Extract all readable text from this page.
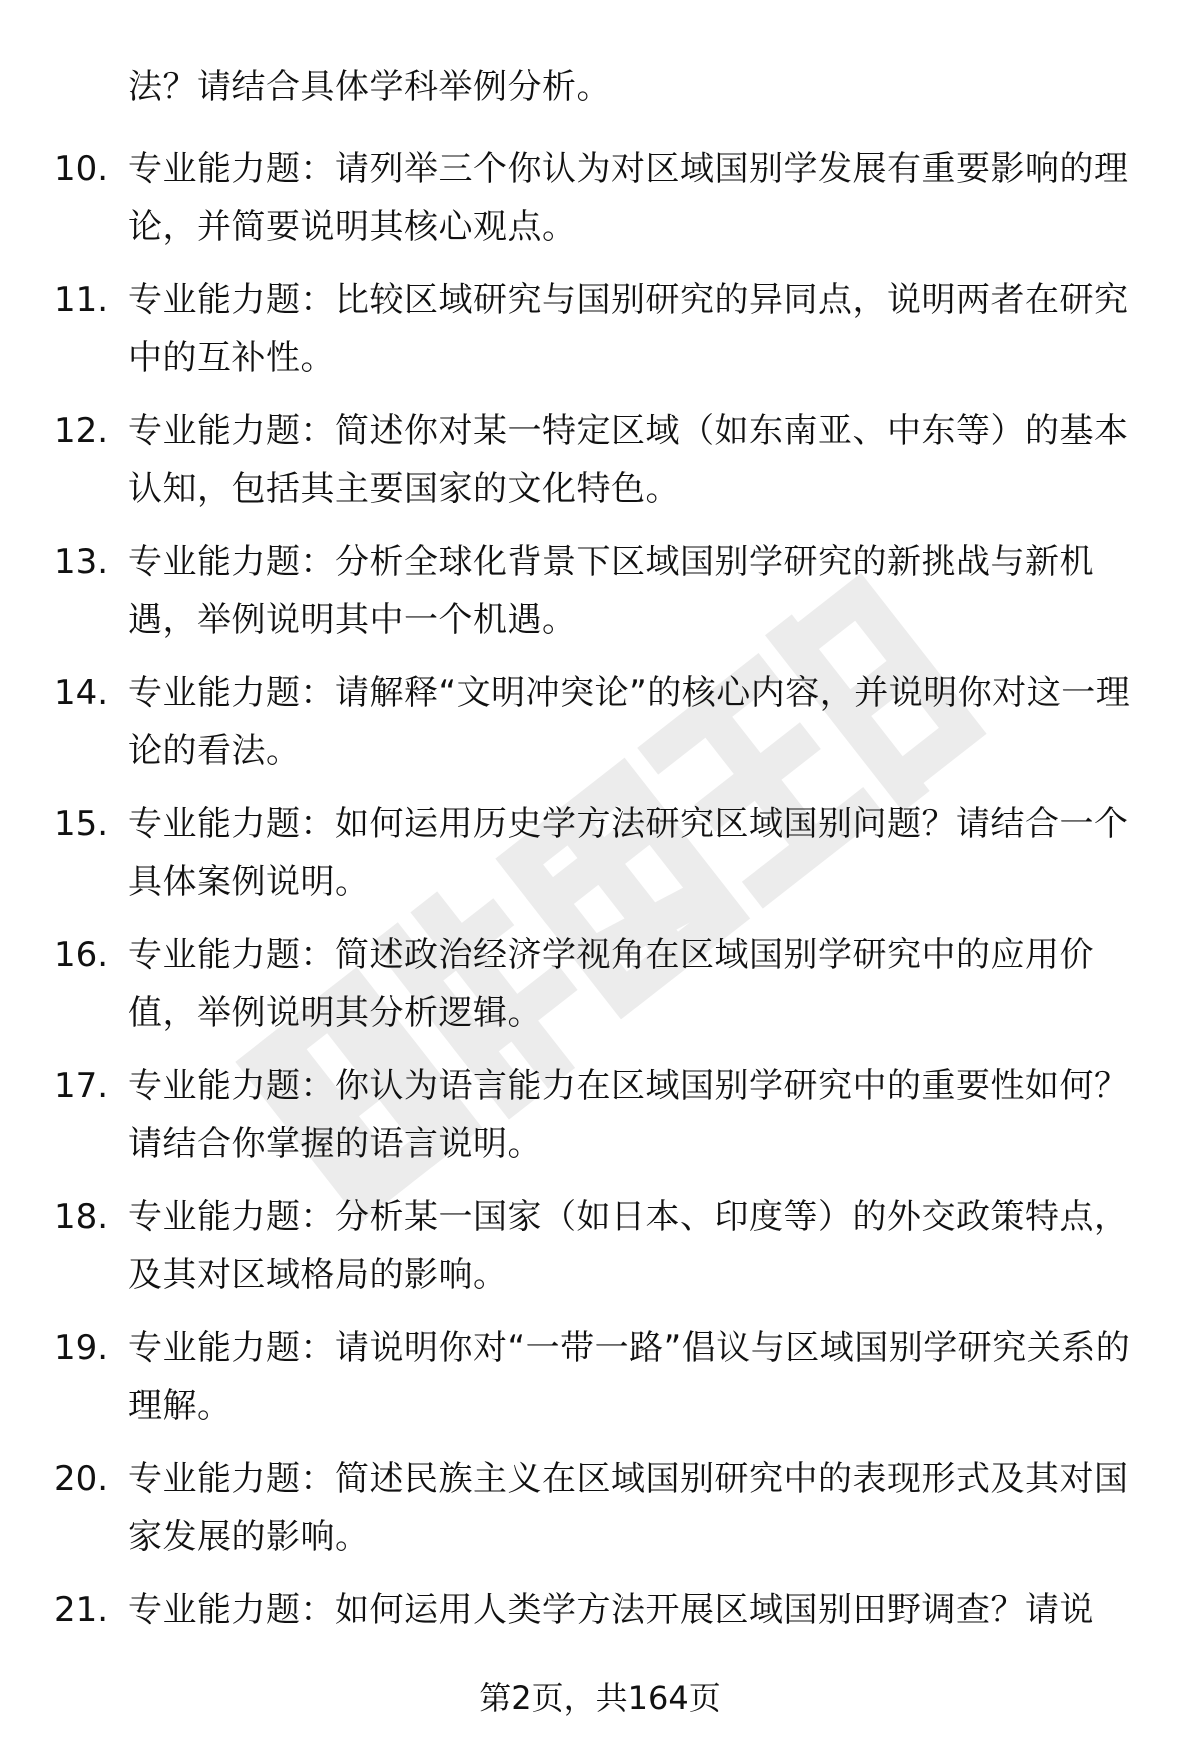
法？请结合具体学科举例分析。

10. 专业能力题：请列举三个你认为对区域国别学发展有重要影响的理论，并简要说明其核心观点。

11. 专业能力题：比较区域研究与国别研究的异同点，说明两者在研究中的互补性。

12. 专业能力题：简述你对某一特定区域（如东南亚、中东等）的基本认知，包括其主要国家的文化特色。

13. 专业能力题：分析全球化背景下区域国别学研究的新挑战与新机遇，举例说明其中一个机遇。

14. 专业能力题：请解释“文明冲突论”的核心内容，并说明你对这一理论的看法。

15. 专业能力题：如何运用历史学方法研究区域国别问题？请结合一个具体案例说明。

16. 专业能力题：简述政治经济学视角在区域国别学研究中的应用价值，举例说明其分析逻辑。

17. 专业能力题：你认为语言能力在区域国别学研究中的重要性如何？请结合你掌握的语言说明。

18. 专业能力题：分析某一国家（如日本、印度等）的外交政策特点，及其对区域格局的影响。

19. 专业能力题：请说明你对“一带一路”倡议与区域国别学研究关系的理解。

20. 专业能力题：简述民族主义在区域国别研究中的表现形式及其对国家发展的影响。

21. 专业能力题：如何运用人类学方法开展区域国别田野调查？请说

第2页，共164页
